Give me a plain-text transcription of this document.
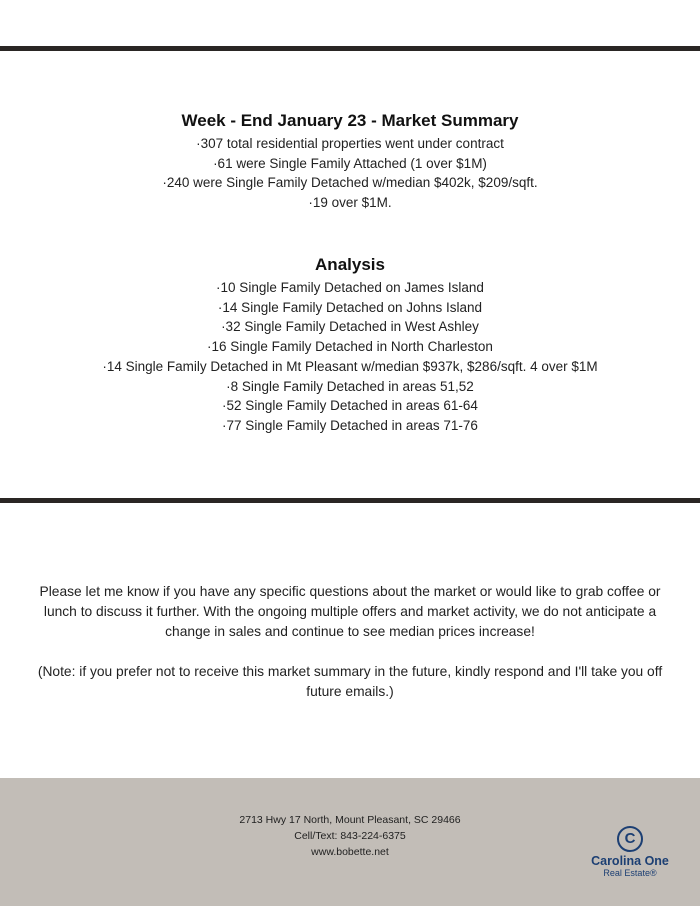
Week - End January 23 - Market Summary
·307 total residential properties went under contract
·61 were Single Family Attached (1 over $1M)
·240 were Single Family Detached w/median $402k, $209/sqft.
·19 over $1M.
Analysis
·10 Single Family Detached on James Island
·14 Single Family Detached on Johns Island
·32 Single Family Detached in West Ashley
·16 Single Family Detached in North Charleston
·14 Single Family Detached in Mt Pleasant w/median $937k, $286/sqft. 4 over $1M
·8 Single Family Detached in areas 51,52
·52 Single Family Detached in areas 61-64
·77 Single Family Detached in areas 71-76

Please let me know if you have any specific questions about the market or would like to grab coffee or lunch to discuss it further. With the ongoing multiple offers and market activity, we do not anticipate a change in sales and continue to see median prices increase!

(Note: if you prefer not to receive this market summary in the future, kindly respond and I'll take you off future emails.)

2713 Hwy 17 North, Mount Pleasant, SC 29466
Cell/Text: 843-224-6375
www.bobette.net
C
Carolina One
Real Estate®
